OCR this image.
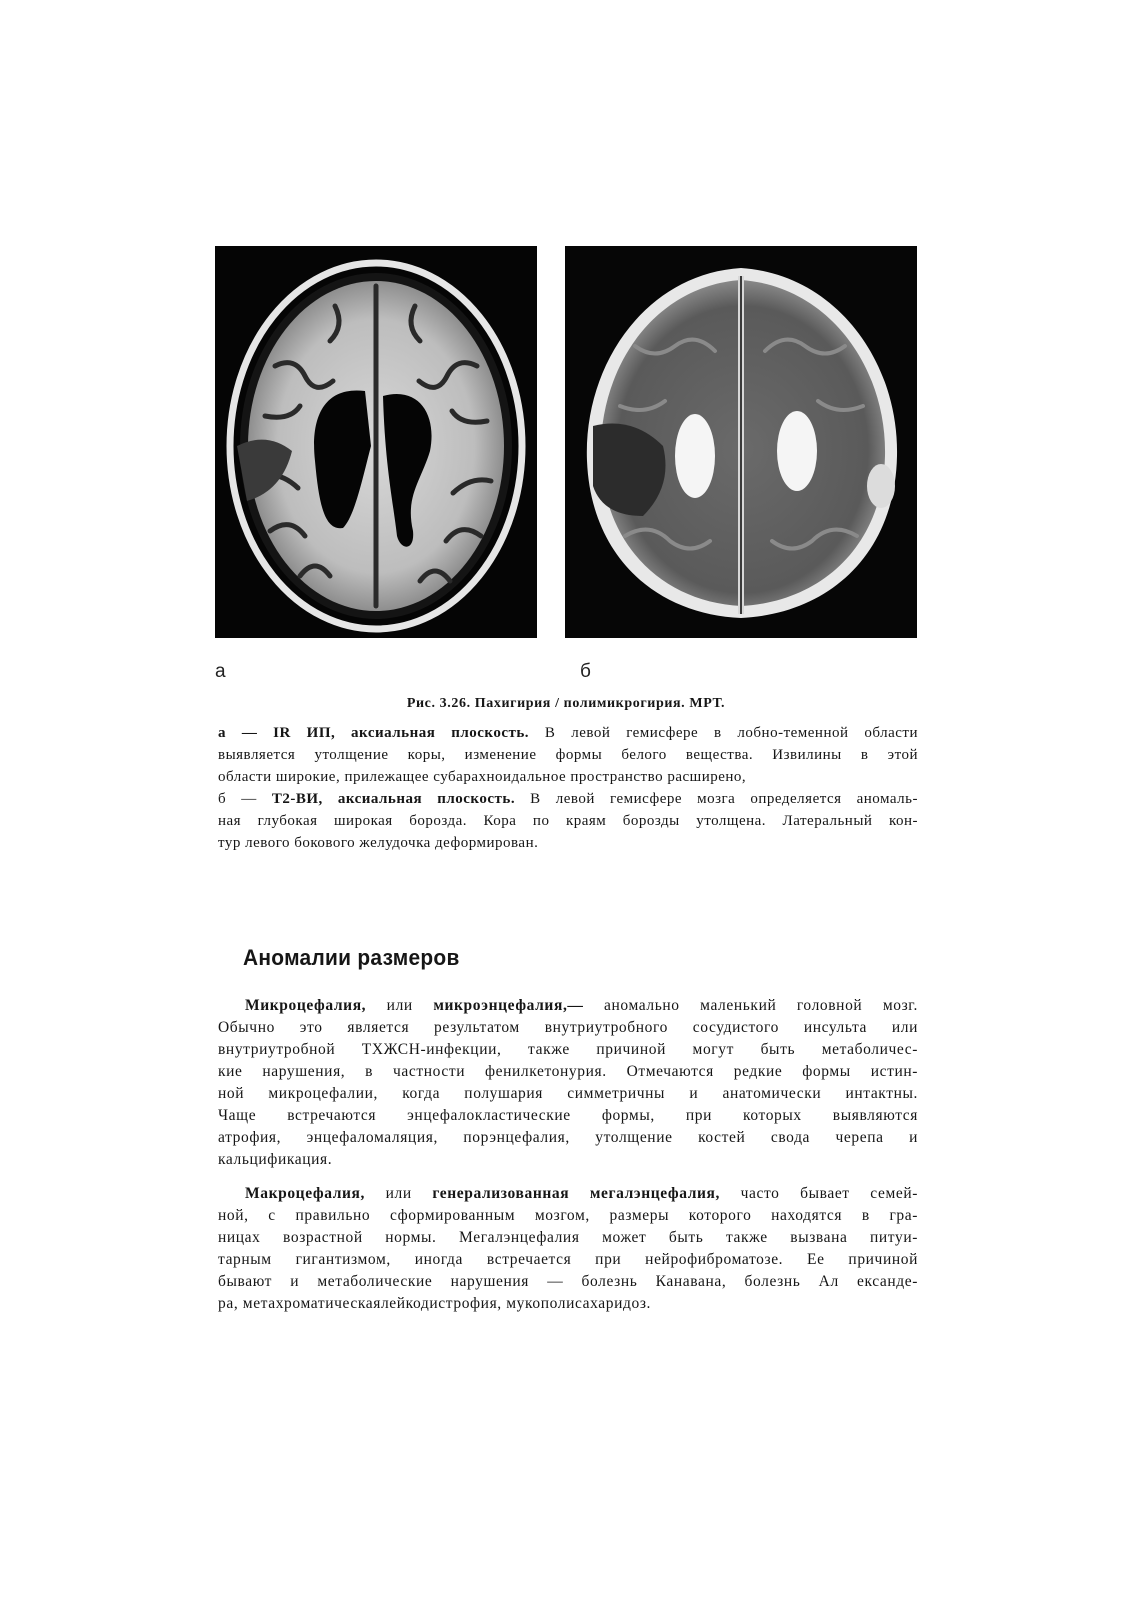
а	б
Рис. 3.26. Пахигирия / полимикрогирия. МРТ.
а — IR ИП, аксиальная плоскость. В левой гемисфере в лобно-теменной области
выявляется утолщение коры, изменение формы белого вещества. Извилины в этой
области широкие, прилежащее субарахноидальное пространство расширено,
б — Т2-ВИ, аксиальная плоскость. В левой гемисфере мозга определяется аномаль-
ная глубокая широкая борозда. Кора по краям борозды утолщена. Латеральный кон-
тур левого бокового желудочка деформирован.
Аномалии размеров
Микроцефалия, или микроэнцефалия,— аномально маленький головной мозг.
Обычно это является результатом внутриутробного сосудистого инсульта или
внутриутробной ТХЖСН-инфекции, также причиной могут быть метаболичес-
кие нарушения, в частности фенилкетонурия. Отмечаются редкие формы истин-
ной микроцефалии, когда полушария симметричны и анатомически интактны.
Чаще встречаются энцефалокластические формы, при которых выявляются
атрофия, энцефаломаляция, порэнцефалия, утолщение костей свода черепа и
кальцификация.
Макроцефалия, или генерализованная мегалэнцефалия, часто бывает семей-
ной, с правильно сформированным мозгом, размеры которого находятся в гра-
ницах возрастной нормы. Мегалэнцефалия может быть также вызвана питуи-
тарным гигантизмом, иногда встречается при нейрофиброматозе. Ее причиной
бывают и метаболические нарушения — болезнь Канавана, болезнь Ал ександе-
ра, метахроматическаялейкодистрофия, мукополисахаридоз.
